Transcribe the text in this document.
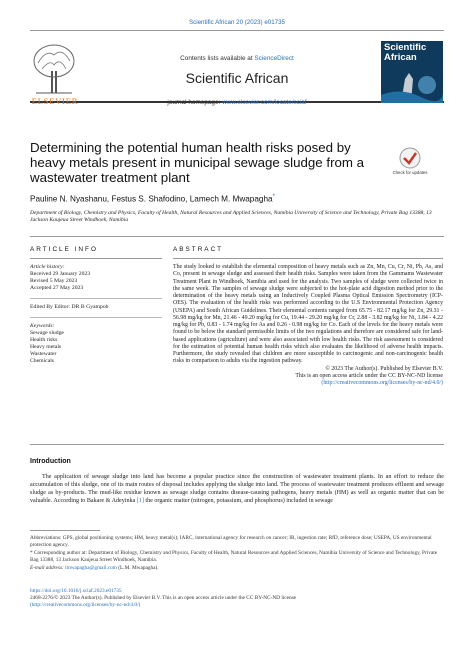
Scientific African 20 (2023) e01735
ELSEVIER
Contents lists available at ScienceDirect
Scientific African
journal homepage: www.elsevier.com/locate/sciaf
Scientific African
Determining the potential human health risks posed by heavy metals present in municipal sewage sludge from a wastewater treatment plant	Check for updates
Pauline N. Nyashanu, Festus S. Shafodino, Lamech M. Mwapagha*
Department of Biology, Chemistry and Physics, Faculty of Health, Natural Resources and Applied Sciences, Namibia University of Science and Technology, Private Bag 13388, 13 Jackson Kaujeua Street Windhoek, Namibia
ARTICLE INFO	ABSTRACT
Article history:
Received 29 January 2023
Revised 5 May 2023
Accepted 27 May 2023
Edited By Editor: DR B Gyampoh
Keywords:
Sewage sludge
Health risks
Heavy metals
Wastewater
Chemicals
The study looked to establish the elemental composition of heavy metals such as Zn, Mn, Cu, Cr, Ni, Pb, As, and Co, present in sewage sludge and assessed their health risks. Samples were taken from the Gammams Wastewater Treatment Plant in Windhoek, Namibia and used for the analysis. Two samples of sludge were collected twice in the same week. The samples of sewage sludge were subjected to the hot-plate acid digestion method prior to the determination of the heavy metals using an Inductively Coupled Plasma Optical Emission Spectrometry (ICP-OES). The evaluation of the health risks was performed according to the U.S Environmental Protection Agency (USEPA) and South African Guidelines. Their elemental contents ranged from 65.75 - 82.17 mg/kg for Zn, 29.31 - 56.98 mg/kg for Mn, 21.46 - 49.20 mg/kg for Cu, 19.44 - 29.20 mg/kg for Cr, 2.88 - 3.82 mg/kg for Ni, 1.84 - 4.22 mg/kg for Pb, 0.83 - 1.74 mg/kg for As and 0.26 - 0.98 mg/kg for Co. Each of the levels for the heavy metals were found to be below the standard permissible limits of the two regulations and therefore are considered safe for land-based applications (agriculture) and were also associated with low health risks. The risk assessment is considered for the estimation of potential human health risks which also evaluates the likelihood of adverse health impacts. Furthermore, the study revealed that children are more susceptible to carcinogenic and non-carcinogenic health risks in comparison to adults via the ingestion pathway.
© 2023 The Author(s). Published by Elsevier B.V.
This is an open access article under the CC BY-NC-ND license
(http://creativecommons.org/licenses/by-nc-nd/4.0/)
Introduction
The application of sewage sludge into land has become a popular practice since the construction of wastewater treatment plants. In an effort to reduce the accumulation of this sludge, one of its main routes of disposal includes applying the sludge into land. The process of wastewater treatment produces effluent and sewage sludge as by-products. The mud-like residue known as sewage sludge contains disease-causing pathogens, heavy metals (HM) as well as organic matter that can be valuable. According to Bakare & Adeyinka [1] the organic matter (nitrogen, potassium, and phosphorus) included in sewage
Abbreviations: GPS, global positioning systems; HM, heavy metal(s); IARC, international agency for research on cancer; IR, ingestion rate; RfD, reference dose; USEPA, US environmental protection agency.
* Corresponding author at: Department of Biology, Chemistry and Physics, Faculty of Health, Natural Resources and Applied Sciences, Namibia University of Science and Technology, Private Bag 13388, 13 Jackson Kaujeua Street Windhoek, Namibia.
E-mail address: lmwapagha@gmail.com (L.M. Mwapagha).
https://doi.org/10.1016/j.sciaf.2023.e01735
2468-2276/© 2023 The Author(s). Published by Elsevier B.V. This is an open access article under the CC BY-NC-ND license
(http://creativecommons.org/licenses/by-nc-nd/4.0/)
